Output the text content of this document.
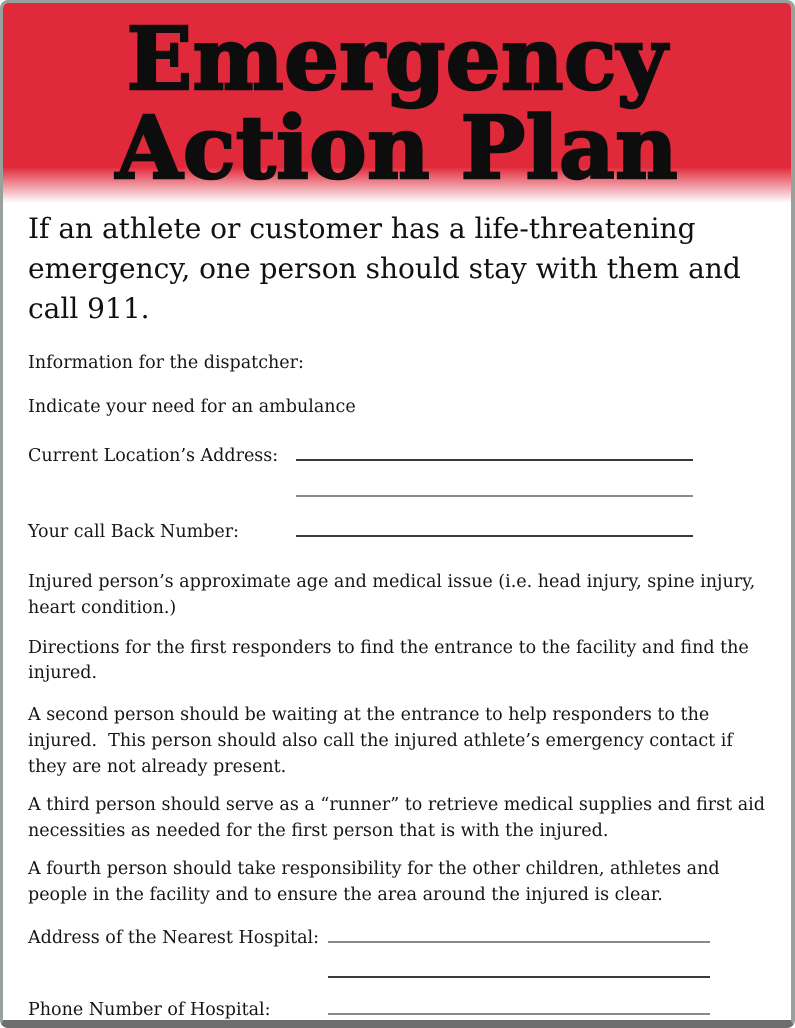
Emergency
Action Plan

If an athlete or customer has a life-threatening emergency, one person should stay with them and call 911.

Information for the dispatcher:

Indicate your need for an ambulance

Current Location’s Address:
Your call Back Number:

Injured person’s approximate age and medical issue (i.e. head injury, spine injury, heart condition.)

Directions for the first responders to find the entrance to the facility and find the injured.

A second person should be waiting at the entrance to help responders to the injured.  This person should also call the injured athlete’s emergency contact if they are not already present.

A third person should serve as a “runner” to retrieve medical supplies and first aid necessities as needed for the first person that is with the injured.

A fourth person should take responsibility for the other children, athletes and people in the facility and to ensure the area around the injured is clear.

Address of the Nearest Hospital:
Phone Number of Hospital:
